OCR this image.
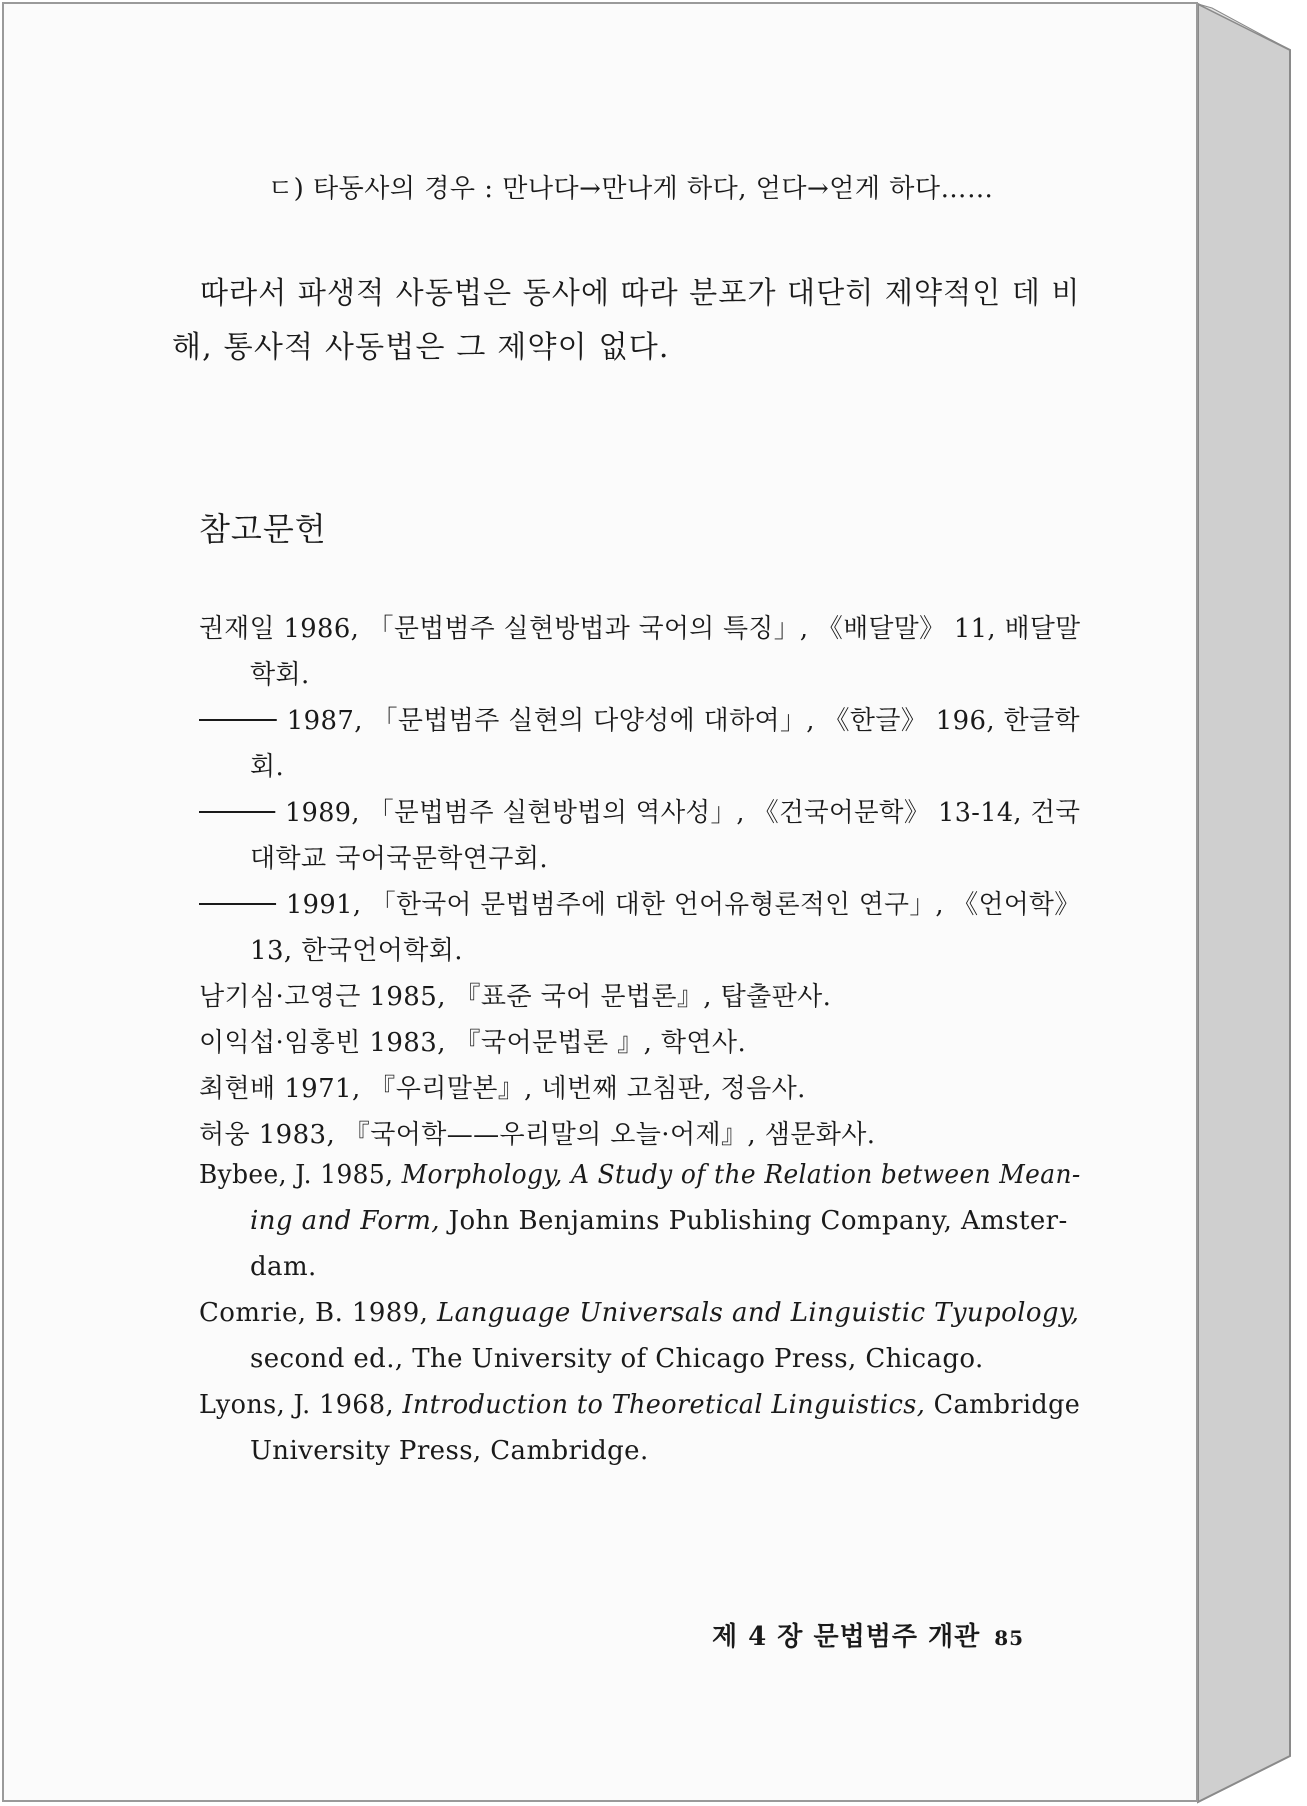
ㄷ) 타동사의 경우 : 만나다→만나게 하다, 얻다→얻게 하다……

따라서 파생적 사동법은 동사에 따라 분포가 대단히 제약적인 데 비

해, 통사적 사동법은 그 제약이 없다.

참고문헌

권재일 1986, 「문법범주 실현방법과 국어의 특징」, 《배달말》 11, 배달말

학회.

1987, 「문법범주 실현의 다양성에 대하여」, 《한글》 196, 한글학

회.

1989, 「문법범주 실현방법의 역사성」, 《건국어문학》 13-14, 건국

대학교 국어국문학연구회.

1991, 「한국어 문법범주에 대한 언어유형론적인 연구」, 《언어학》

13, 한국언어학회.

남기심·고영근 1985, 『표준 국어 문법론』, 탑출판사.

이익섭·임홍빈 1983, 『국어문법론 』, 학연사.

최현배 1971, 『우리말본』, 네번째 고침판, 정음사.

허웅 1983, 『국어학——우리말의 오늘·어제』, 샘문화사.

Bybee, J. 1985, Morphology, A Study of the Relation between Mean-

ing and Form, John Benjamins Publishing Company, Amster-

dam.

Comrie, B. 1989, Language Universals and Linguistic Tyupology,

second ed., The University of Chicago Press, Chicago.

Lyons, J. 1968, Introduction to Theoretical Linguistics, Cambridge

University Press, Cambridge.

제 4 장 문법범주 개관 85
